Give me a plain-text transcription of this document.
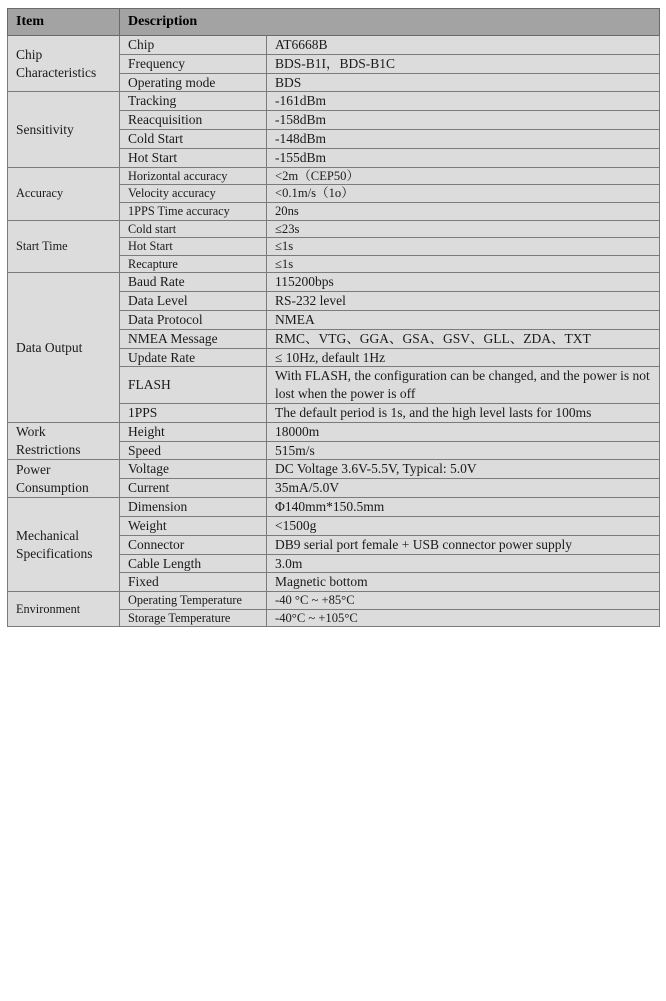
Item	Description	
Chip Characteristics	Chip	AT6668B
	Frequency	BDS-B1I，BDS-B1C
	Operating mode	BDS
Sensitivity	Tracking	-161dBm
	Reacquisition	-158dBm
	Cold Start	-148dBm
	Hot Start	-155dBm
Accuracy	Horizontal accuracy	<2m（CEP50）
	Velocity accuracy	<0.1m/s（1ο）
	1PPS Time accuracy	20ns
Start Time	Cold start	≤23s
	Hot Start	≤1s
	Recapture	≤1s
Data Output	Baud Rate	115200bps
	Data Level	RS-232 level
	Data Protocol	NMEA
	NMEA Message	RMC、VTG、GGA、GSA、GSV、GLL、ZDA、TXT
	Update Rate	≤ 10Hz, default 1Hz
	FLASH	With FLASH, the configuration can be changed, and the power is not lost when the power is off
	1PPS	The default period is 1s, and the high level lasts for 100ms
Work Restrictions	Height	18000m
	Speed	515m/s
Power Consumption	Voltage	DC Voltage 3.6V-5.5V, Typical: 5.0V
	Current	35mA/5.0V
Mechanical Specifications	Dimension	Φ140mm*150.5mm
	Weight	<1500g
	Connector	DB9 serial port female + USB connector power supply
	Cable Length	3.0m
	Fixed	Magnetic bottom
Environment	Operating Temperature	-40 °C ~ +85°C
	Storage Temperature	-40°C ~ +105°C
